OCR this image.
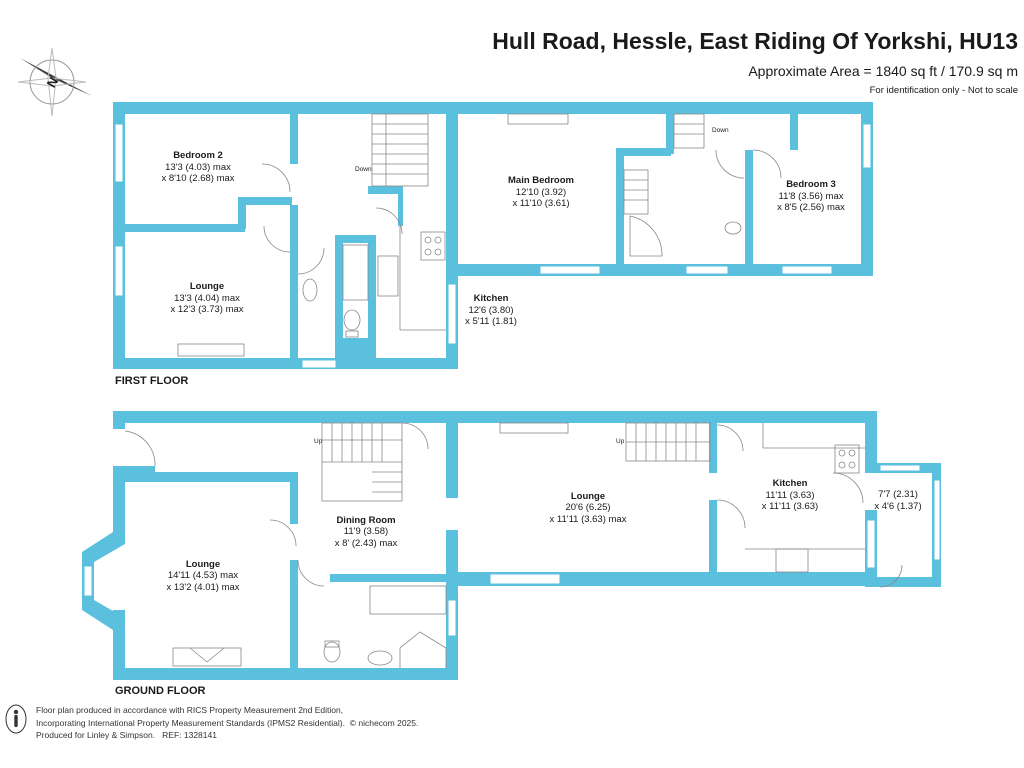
Hull Road, Hessle, East Riding Of Yorkshi, HU13
Approximate Area = 1840 sq ft / 170.9 sq m
For identification only - Not to scale
N
Down
Down
Bedroom 2
13'3 (4.03) max
x 8'10 (2.68) max
Lounge
13'3 (4.04) max
x 12'3 (3.73) max
Kitchen
12'6 (3.80)
x 5'11 (1.81)
Main Bedroom
12'10 (3.92)
x 11'10 (3.61)
Bedroom 3
11'8 (3.56) max
x 8'5 (2.56) max
FIRST FLOOR
Up	Up
Lounge
14'11 (4.53) max
x 13'2 (4.01) max
Dining Room
11'9 (3.58)
x 8' (2.43) max
Lounge
20'6 (6.25)
x 11'11 (3.63) max
Kitchen
11'11 (3.63)
x 11'11 (3.63)
7'7 (2.31)
x 4'6 (1.37)
GROUND FLOOR
Floor plan produced in accordance with RICS Property Measurement 2nd Edition,
Incorporating International Property Measurement Standards (IPMS2 Residential). © nichecom 2025.
Produced for Linley & Simpson. REF: 1328141
